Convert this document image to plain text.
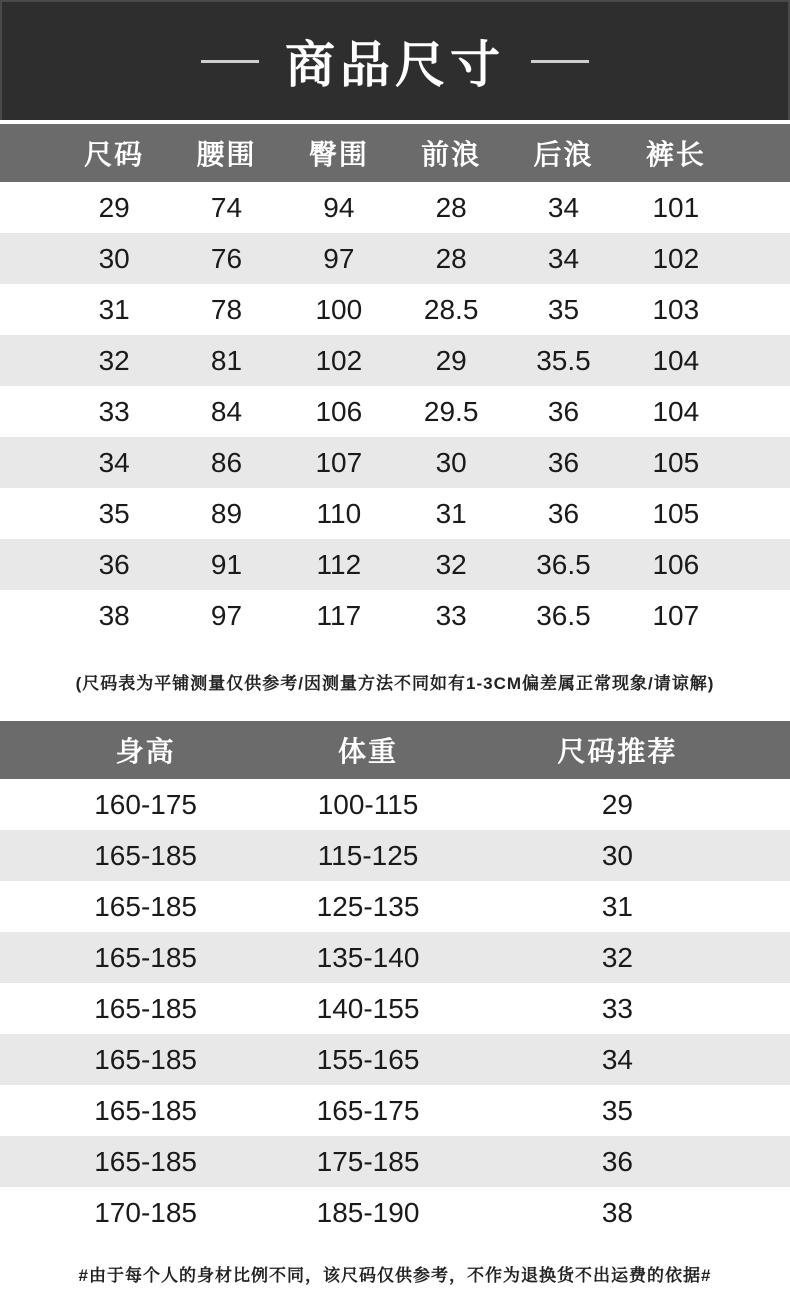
商品尺寸
尺码	腰围	臀围	前浪	后浪	裤长
29	74	94	28	34	101
30	76	97	28	34	102
31	78	100	28.5	35	103
32	81	102	29	35.5	104
33	84	106	29.5	36	104
34	86	107	30	36	105
35	89	110	31	36	105
36	91	112	32	36.5	106
38	97	117	33	36.5	107

(尺码表为平铺测量仅供参考/因测量方法不同如有1-3CM偏差属正常现象/请谅解)

身高	体重	尺码推荐
160-175	100-115	29
165-185	115-125	30
165-185	125-135	31
165-185	135-140	32
165-185	140-155	33
165-185	155-165	34
165-185	165-175	35
165-185	175-185	36
170-185	185-190	38

#由于每个人的身材比例不同，该尺码仅供参考，不作为退换货不出运费的依据#
